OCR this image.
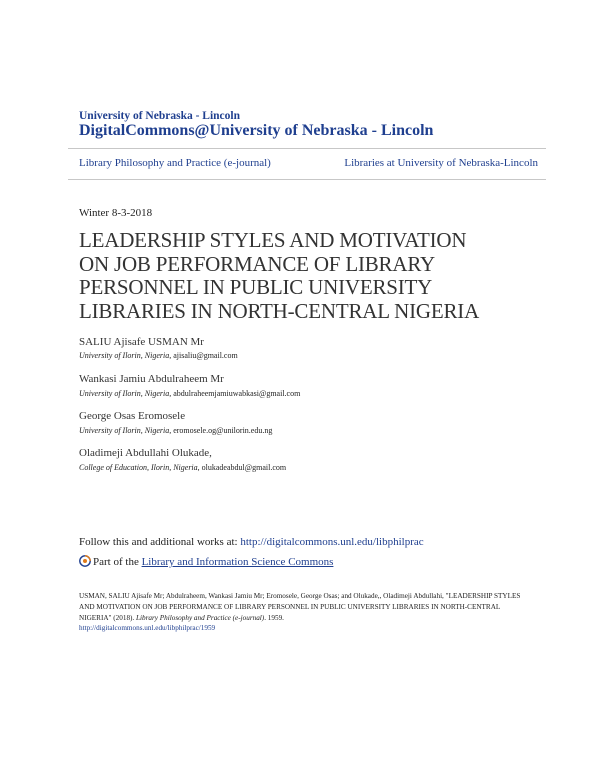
University of Nebraska - Lincoln
DigitalCommons@University of Nebraska - Lincoln
Library Philosophy and Practice (e-journal)	Libraries at University of Nebraska-Lincoln
Winter 8-3-2018
LEADERSHIP STYLES AND MOTIVATION
ON JOB PERFORMANCE OF LIBRARY
PERSONNEL IN PUBLIC UNIVERSITY
LIBRARIES IN NORTH-CENTRAL NIGERIA
SALIU Ajisafe USMAN Mr
University of Ilorin, Nigeria, ajisaliu@gmail.com
Wankasi Jamiu Abdulraheem Mr
University of Ilorin, Nigeria, abdulraheemjamiuwabkasi@gmail.com
George Osas Eromosele
University of Ilorin, Nigeria, eromosele.og@unilorin.edu.ng
Oladimeji Abdullahi Olukade,
College of Education, Ilorin, Nigeria, olukadeabdul@gmail.com
Follow this and additional works at: http://digitalcommons.unl.edu/libphilprac
Part of the Library and Information Science Commons
USMAN, SALIU Ajisafe Mr; Abdulraheem, Wankasi Jamiu Mr; Eromosele, George Osas; and Olukade,, Oladimeji Abdullahi, "LEADERSHIP STYLES AND MOTIVATION ON JOB PERFORMANCE OF LIBRARY PERSONNEL IN PUBLIC UNIVERSITY LIBRARIES IN NORTH-CENTRAL NIGERIA" (2018). Library Philosophy and Practice (e-journal). 1959.
http://digitalcommons.unl.edu/libphilprac/1959
